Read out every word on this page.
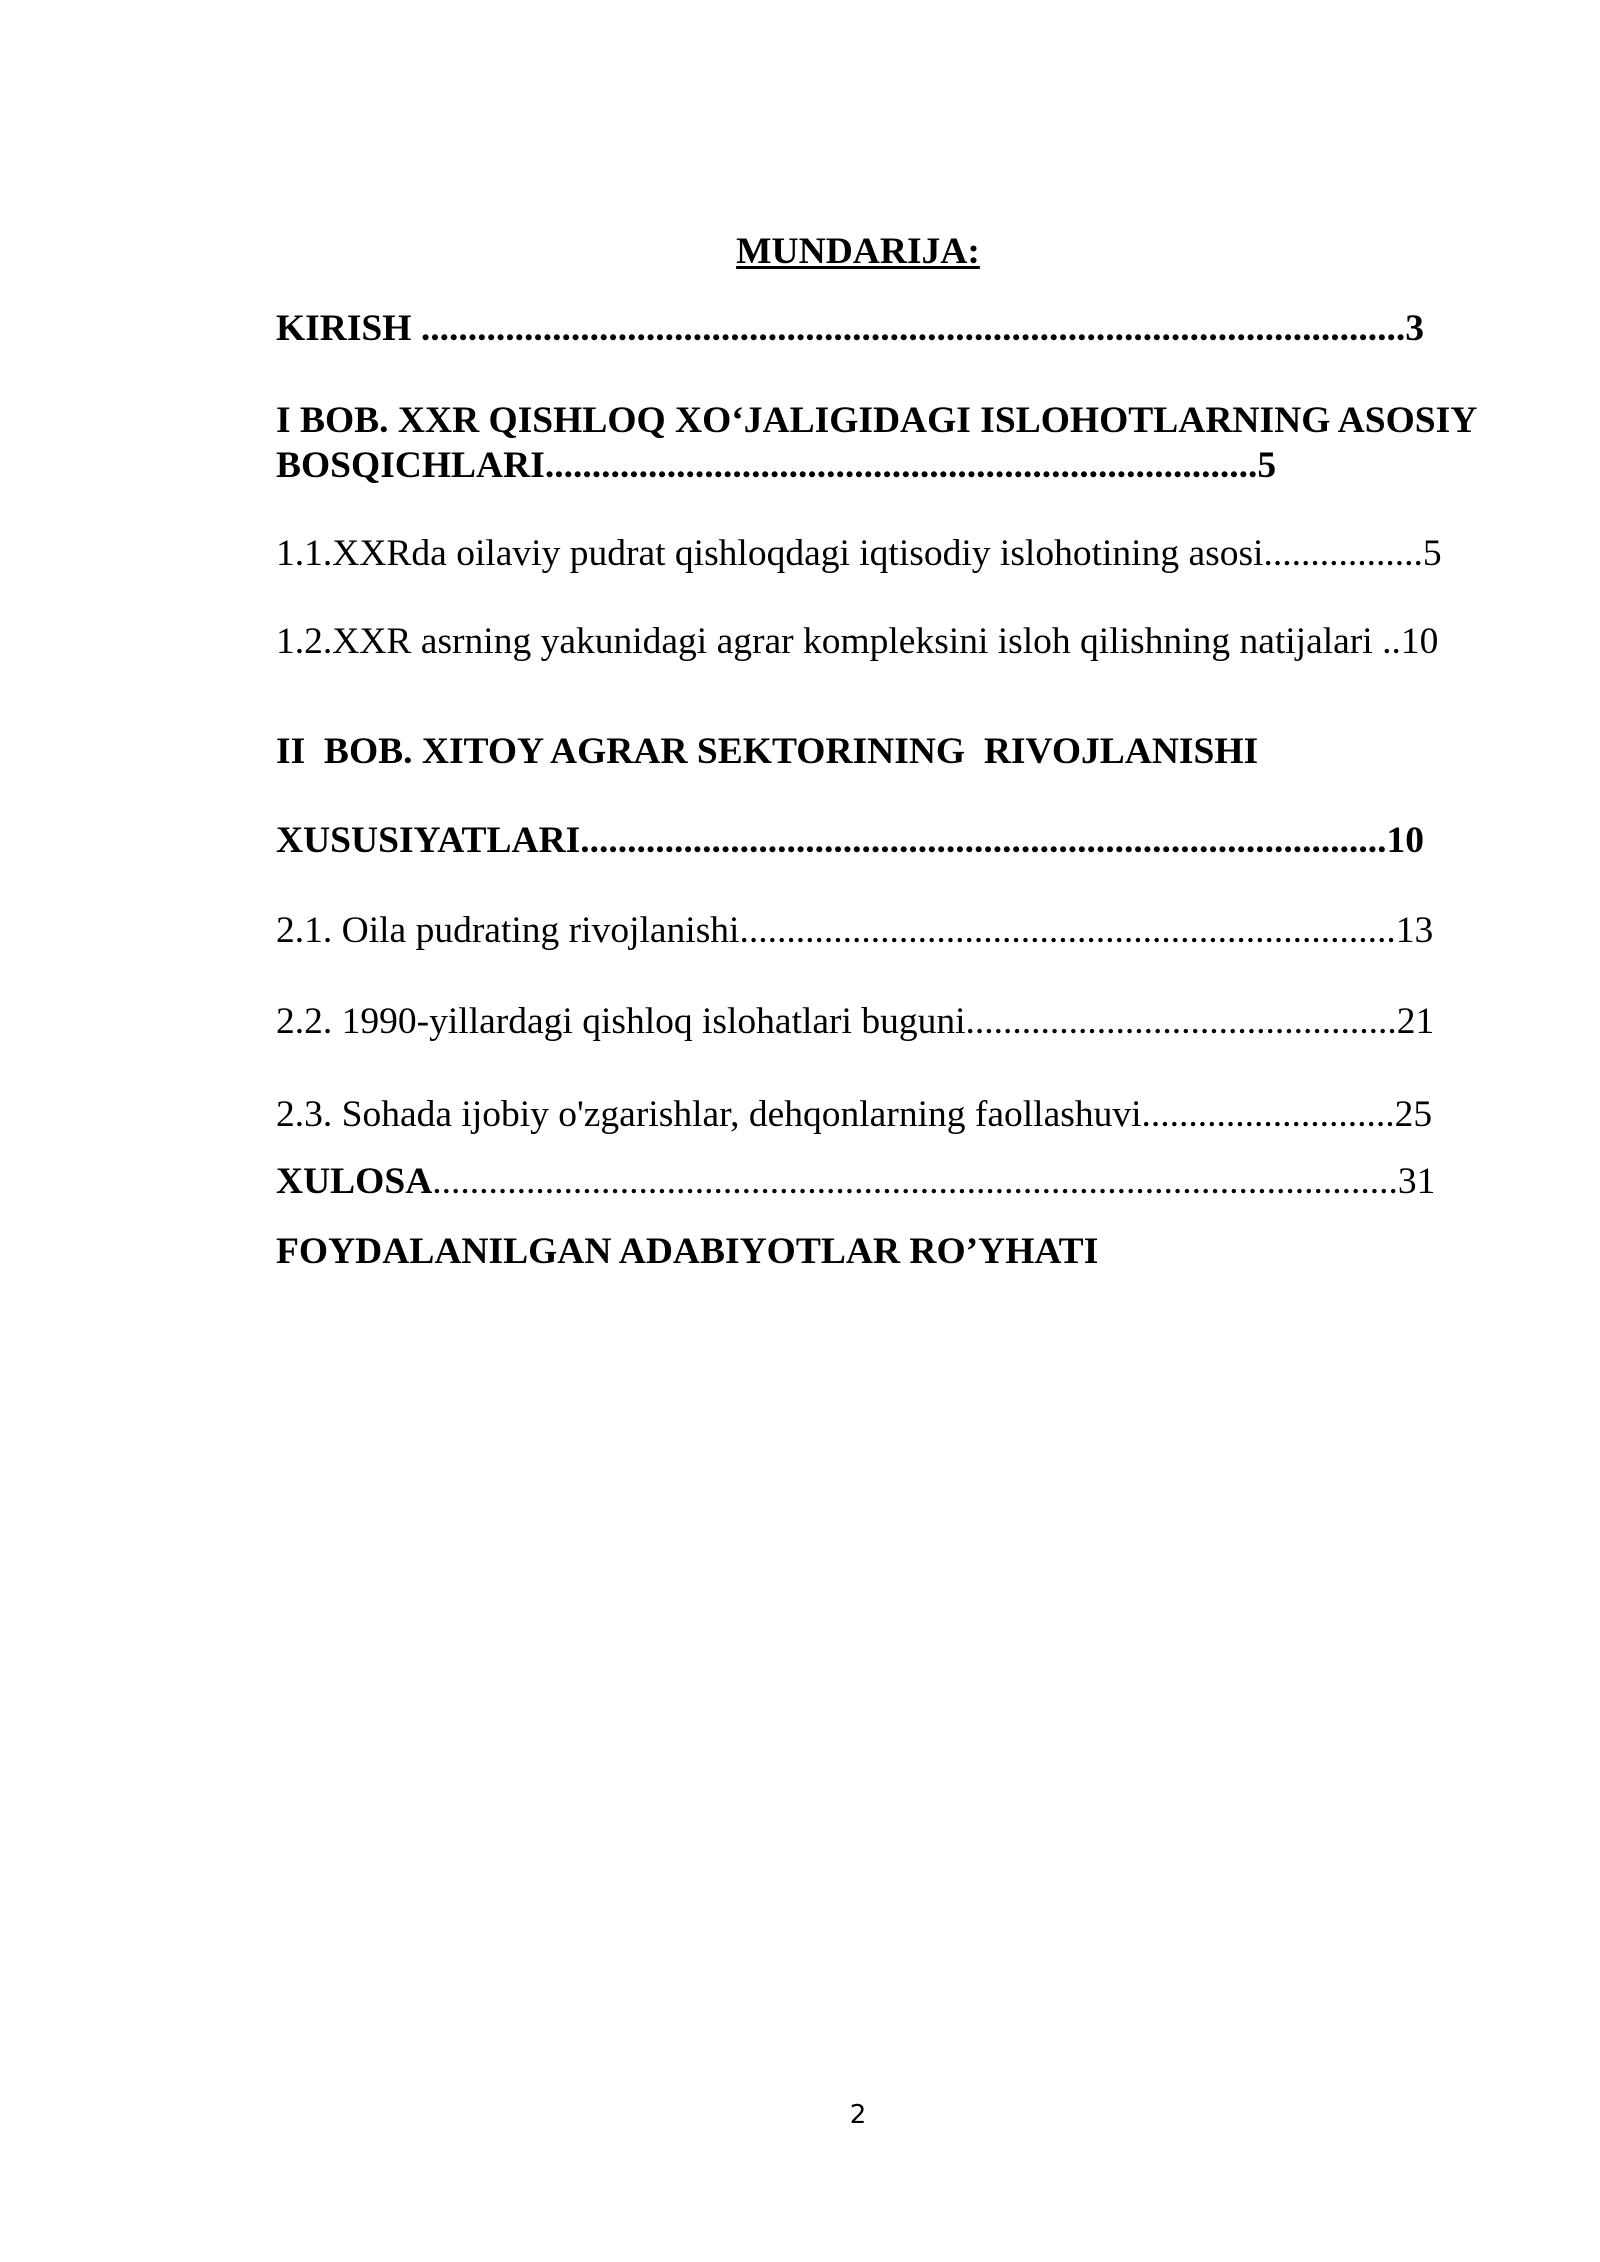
MUNDARIJA:
KIRISH .........................................................................................................3
I BOB. XXR QISHLOQ XO‘JALIGIDAGI ISLOHOTLARNING ASOSIY
BOSQICHLARI............................................................................5
1.1.XXRda oilaviy pudrat qishloqdagi iqtisodiy islohotining asosi.................5
1.2.XXR asrning yakunidagi agrar kompleksini isloh qilishning natijalari ..10
II  BOB. XITOY AGRAR SEKTORINING  RIVOJLANISHI
XUSUSIYATLARI......................................................................................10
2.1. Oila pudrating rivojlanishi......................................................................13
2.2. 1990-yillardagi qishloq islohatlari buguni..............................................21
2.3. Sohada ijobiy o'zgarishlar, dehqonlarning faollashuvi...........................25
XULOSA.......................................................................................................31
FOYDALANILGAN ADABIYOTLAR RO’YHATI
2
